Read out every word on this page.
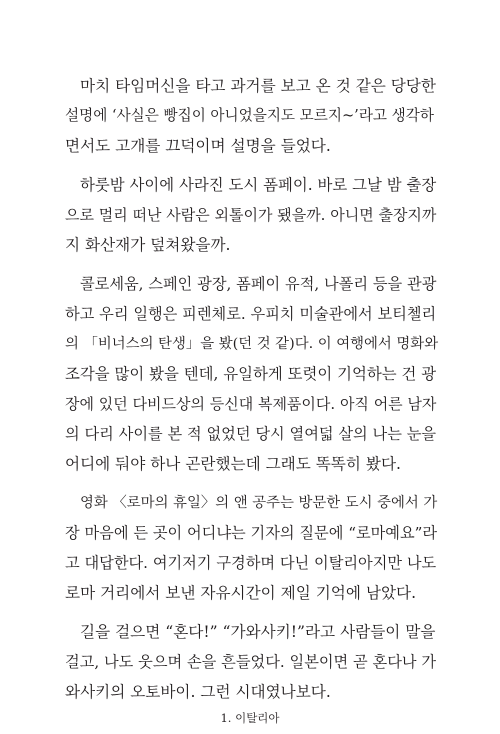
마치 타임머신을 타고 과거를 보고 온 것 같은 당당한
설명에 ‘사실은 빵집이 아니었을지도 모르지~’라고 생각하
면서도 고개를 끄덕이며 설명을 들었다.
하룻밤 사이에 사라진 도시 폼페이. 바로 그날 밤 출장
으로 멀리 떠난 사람은 외톨이가 됐을까. 아니면 출장지까
지 화산재가 덮쳐왔을까.
콜로세움, 스페인 광장, 폼페이 유적, 나폴리 등을 관광
하고 우리 일행은 피렌체로. 우피치 미술관에서 보티첼리
의 「비너스의 탄생」을 봤(던 것 같)다. 이 여행에서 명화와
조각을 많이 봤을 텐데, 유일하게 또렷이 기억하는 건 광
장에 있던 다비드상의 등신대 복제품이다. 아직 어른 남자
의 다리 사이를 본 적 없었던 당시 열여덟 살의 나는 눈을
어디에 둬야 하나 곤란했는데 그래도 똑똑히 봤다.
영화 〈로마의 휴일〉의 앤 공주는 방문한 도시 중에서 가
장 마음에 든 곳이 어디냐는 기자의 질문에 “로마예요”라
고 대답한다. 여기저기 구경하며 다닌 이탈리아지만 나도
로마 거리에서 보낸 자유시간이 제일 기억에 남았다.
길을 걸으면 “혼다!” “가와사키!”라고 사람들이 말을
걸고, 나도 웃으며 손을 흔들었다. 일본이면 곧 혼다나 가
와사키의 오토바이. 그런 시대였나보다.
1. 이탈리아
